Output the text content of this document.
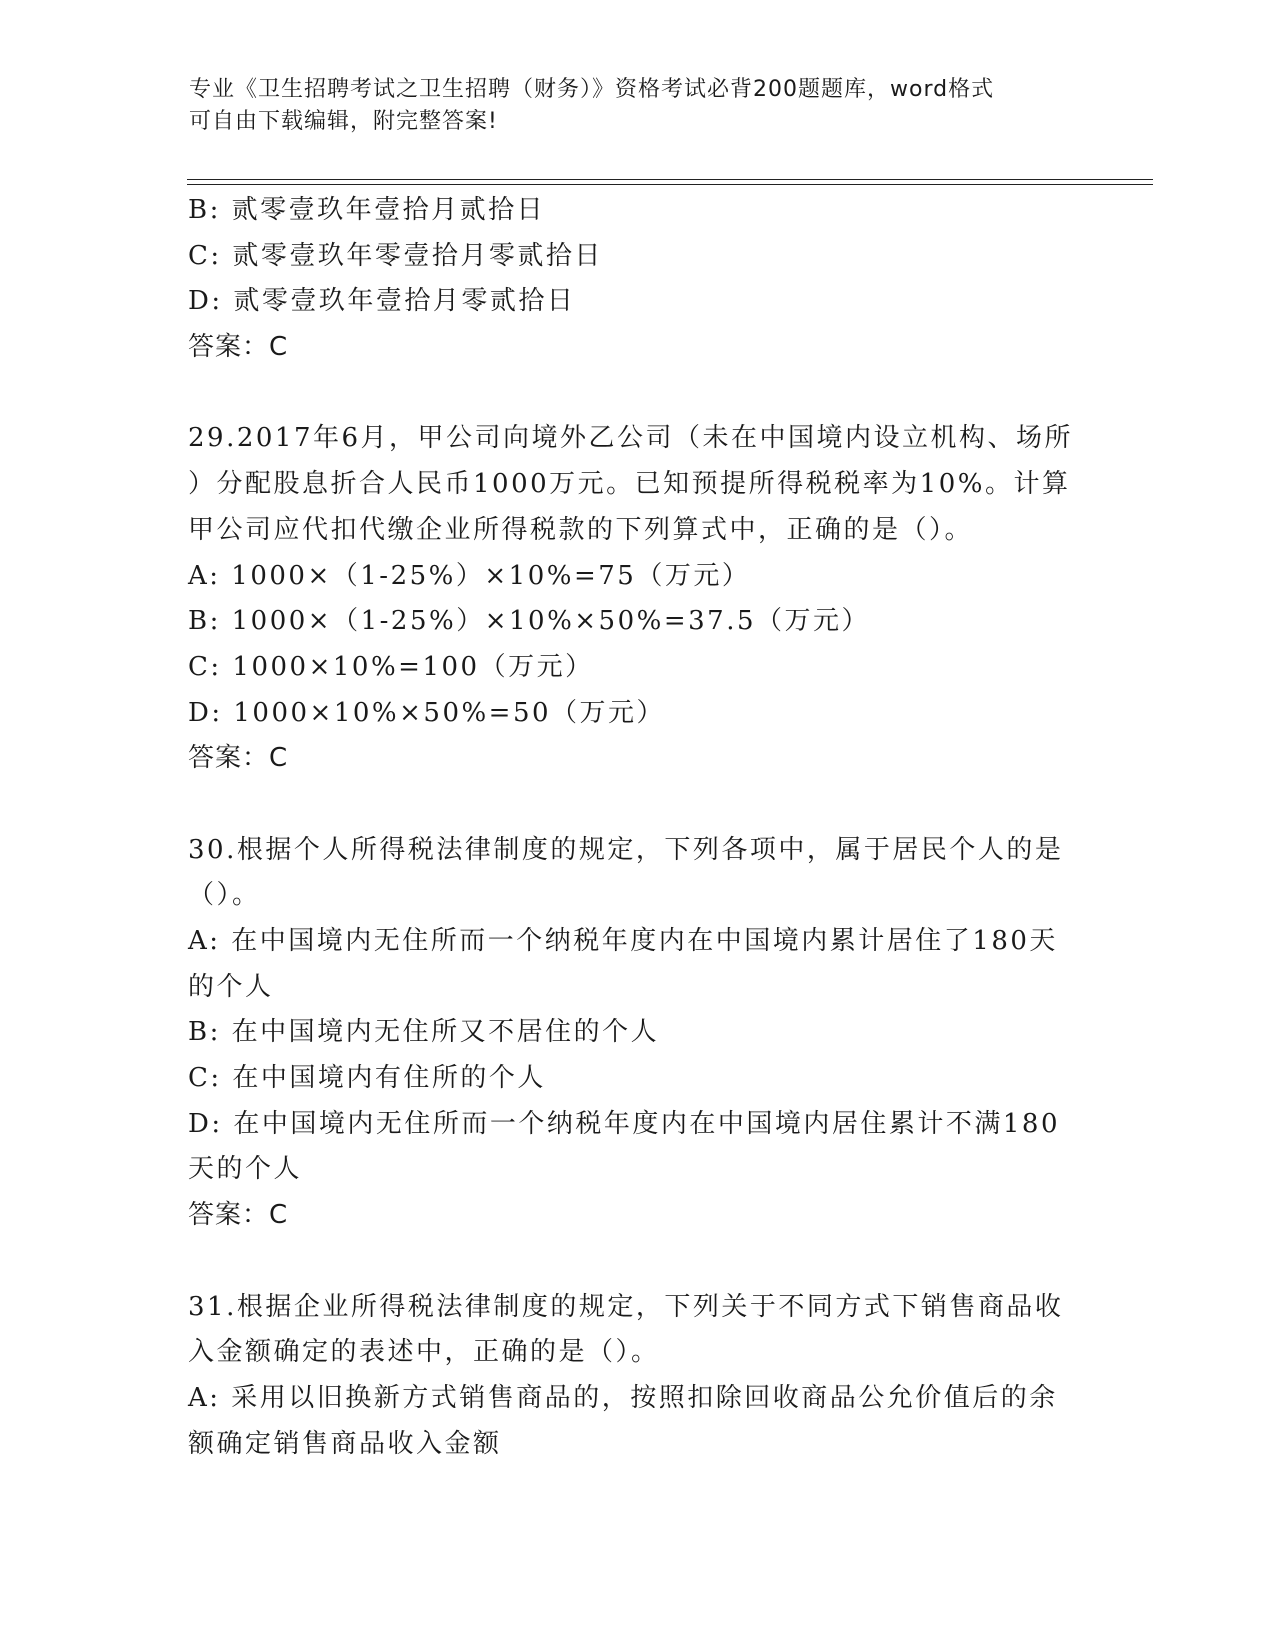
专业《卫生招聘考试之卫生招聘（财务）》资格考试必背200题题库，word格式
可自由下载编辑，附完整答案!
B: 贰零壹玖年壹拾月贰拾日
C: 贰零壹玖年零壹拾月零贰拾日
D: 贰零壹玖年壹拾月零贰拾日
答案：C
29.2017年6月，甲公司向境外乙公司（未在中国境内设立机构、场所
）分配股息折合人民币1000万元。已知预提所得税税率为10%。计算
甲公司应代扣代缴企业所得税款的下列算式中，正确的是（）。
A: 1000×（1-25%）×10%=75（万元）
B: 1000×（1-25%）×10%×50%=37.5（万元）
C: 1000×10%=100（万元）
D: 1000×10%×50%=50（万元）
答案：C
30.根据个人所得税法律制度的规定，下列各项中，属于居民个人的是
（）。
A: 在中国境内无住所而一个纳税年度内在中国境内累计居住了180天
的个人
B: 在中国境内无住所又不居住的个人
C: 在中国境内有住所的个人
D: 在中国境内无住所而一个纳税年度内在中国境内居住累计不满180
天的个人
答案：C
31.根据企业所得税法律制度的规定，下列关于不同方式下销售商品收
入金额确定的表述中，正确的是（）。
A: 采用以旧换新方式销售商品的，按照扣除回收商品公允价值后的余
额确定销售商品收入金额
